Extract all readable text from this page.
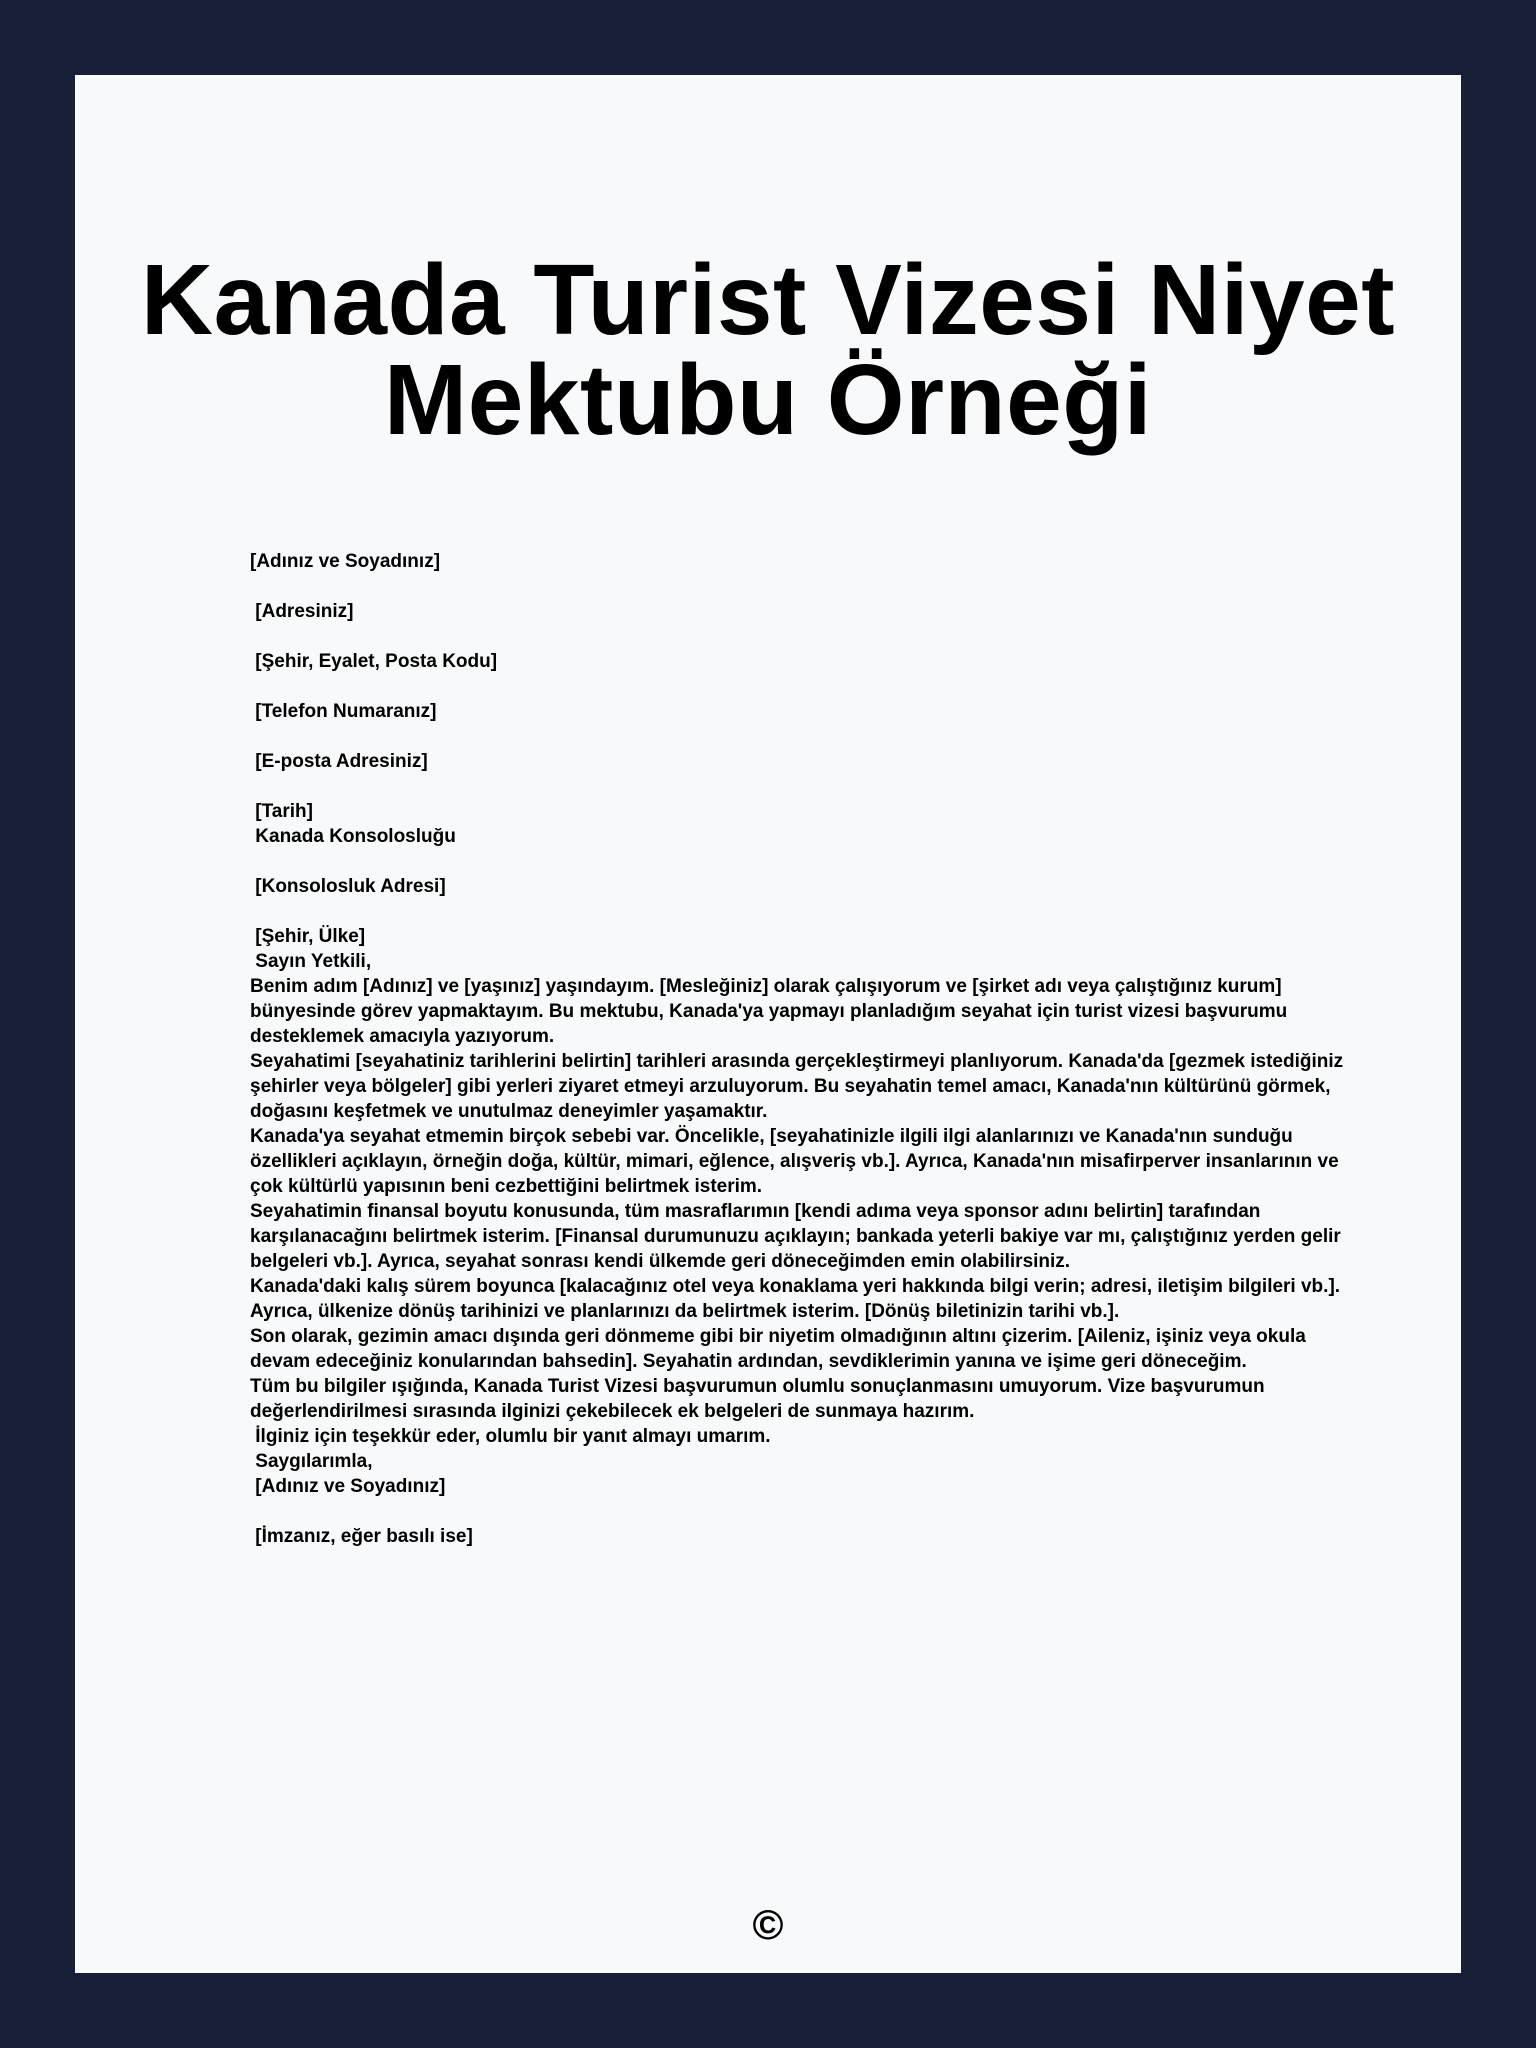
Kanada Turist Vizesi Niyet Mektubu Örneği
[Adınız ve Soyadınız]
[Adresiniz]
[Şehir, Eyalet, Posta Kodu]
[Telefon Numaranız]
[E-posta Adresiniz]
[Tarih]
Kanada Konsolosluğu
[Konsolosluk Adresi]
[Şehir, Ülke]
Sayın Yetkili,

Benim adım [Adınız] ve [yaşınız] yaşındayım. [Mesleğiniz] olarak çalışıyorum ve [şirket adı veya çalıştığınız kurum] bünyesinde görev yapmaktayım. Bu mektubu, Kanada'ya yapmayı planladığım seyahat için turist vizesi başvurumu desteklemek amacıyla yazıyorum.

Seyahatimi [seyahatiniz tarihlerini belirtin] tarihleri arasında gerçekleştirmeyi planlıyorum. Kanada'da [gezmek istediğiniz şehirler veya bölgeler] gibi yerleri ziyaret etmeyi arzuluyorum. Bu seyahatin temel amacı, Kanada'nın kültürünü görmek, doğasını keşfetmek ve unutulmaz deneyimler yaşamaktır.

Kanada'ya seyahat etmemin birçok sebebi var. Öncelikle, [seyahatinizle ilgili ilgi alanlarınızı ve Kanada'nın sunduğu özellikleri açıklayın, örneğin doğa, kültür, mimari, eğlence, alışveriş vb.]. Ayrıca, Kanada'nın misafirperver insanlarının ve çok kültürlü yapısının beni cezbettiğini belirtmek isterim.

Seyahatimin finansal boyutu konusunda, tüm masraflarımın [kendi adıma veya sponsor adını belirtin] tarafından karşılanacağını belirtmek isterim. [Finansal durumunuzu açıklayın; bankada yeterli bakiye var mı, çalıştığınız yerden gelir belgeleri vb.]. Ayrıca, seyahat sonrası kendi ülkemde geri döneceğimden emin olabilirsiniz.

Kanada'daki kalış sürem boyunca [kalacağınız otel veya konaklama yeri hakkında bilgi verin; adresi, iletişim bilgileri vb.]. Ayrıca, ülkenize dönüş tarihinizi ve planlarınızı da belirtmek isterim. [Dönüş biletinizin tarihi vb.].

Son olarak, gezimin amacı dışında geri dönmeme gibi bir niyetim olmadığının altını çizerim. [Aileniz, işiniz veya okula devam edeceğiniz konularından bahsedin]. Seyahatin ardından, sevdiklerimin yanına ve işime geri döneceğim.

Tüm bu bilgiler ışığında, Kanada Turist Vizesi başvurumun olumlu sonuçlanmasını umuyorum. Vize başvurumun değerlendirilmesi sırasında ilginizi çekebilecek ek belgeleri de sunmaya hazırım.

İlginiz için teşekkür eder, olumlu bir yanıt almayı umarım.
Saygılarımla,
[Adınız ve Soyadınız]
[İmzanız, eğer basılı ise]
©
